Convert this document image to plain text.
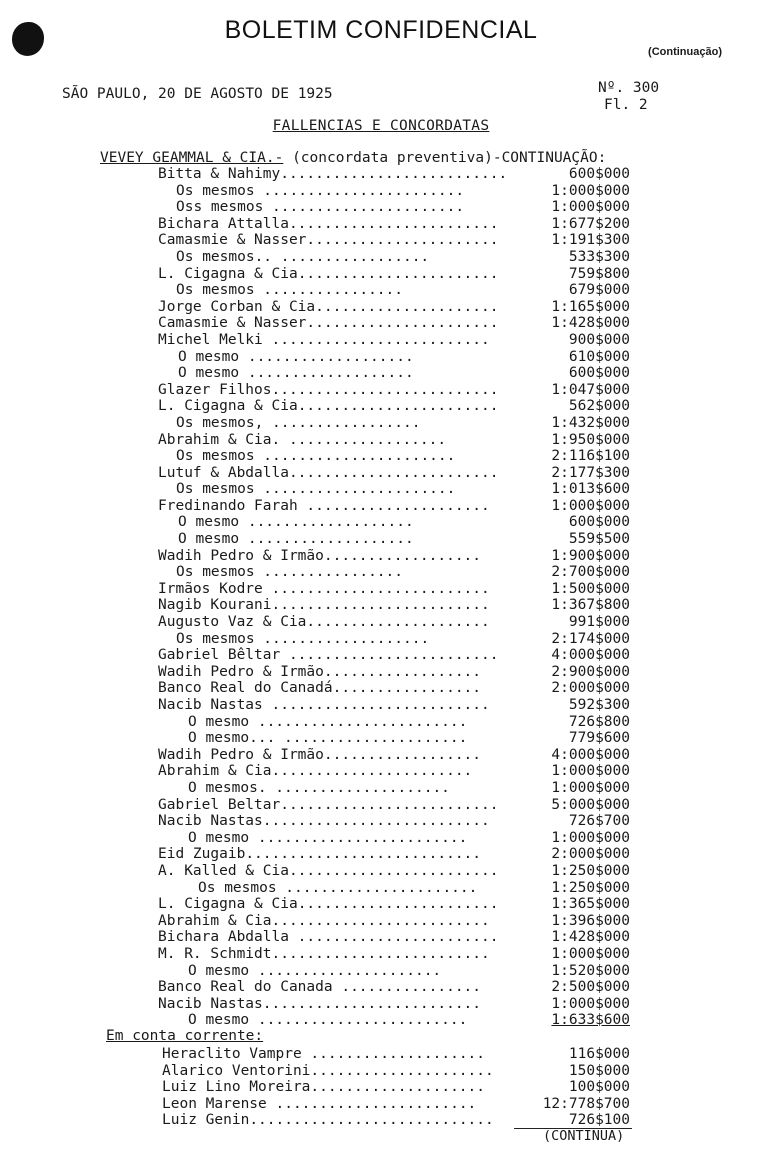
BOLETIM CONFIDENCIAL
(Continuação)
SÃO PAULO, 20 DE AGOSTO DE 1925	Nº. 300
Fl. 2
FALLENCIAS E CONCORDATAS
VEVEY GEAMMAL & CIA.- (concordata preventiva)-CONTINUAÇÃO:
Bitta & Nahimy..........................	600$000
Os mesmos .......................	1:000$000
Oss mesmos ......................	1:000$000
Bichara Attalla........................	1:677$200
Camasmie & Nasser......................	1:191$300
Os mesmos.. .................	533$300
L. Cigagna & Cia.......................	759$800
Os mesmos ................	679$000
Jorge Corban & Cia.....................	1:165$000
Camasmie & Nasser......................	1:428$000
Michel Melki .........................	900$000
O mesmo ...................	610$000
O mesmo ...................	600$000
Glazer Filhos..........................	1:047$000
L. Cigagna & Cia.......................	562$000
Os mesmos, .................	1:432$000
Abrahim & Cia. ..................	1:950$000
Os mesmos ......................	2:116$100
Lutuf & Abdalla........................	2:177$300
Os mesmos ......................	1:013$600
Fredinando Farah .....................	1:000$000
O mesmo ...................	600$000
O mesmo ...................	559$500
Wadih Pedro & Irmão..................	1:900$000
Os mesmos ................	2:700$000
Irmãos Kodre .........................	1:500$000
Nagib Kourani.........................	1:367$800
Augusto Vaz & Cia.....................	991$000
Os mesmos ...................	2:174$000
Gabriel Bêltar ........................	4:000$000
Wadih Pedro & Irmão..................	2:900$000
Banco Real do Canadá.................	2:000$000
Nacib Nastas .........................	592$300
O mesmo ........................	726$800
O mesmo... .....................	779$600
Wadih Pedro & Irmão..................	4:000$000
Abrahim & Cia.......................	1:000$000
O mesmos. ....................	1:000$000
Gabriel Beltar.........................	5:000$000
Nacib Nastas..........................	726$700
O mesmo ........................	1:000$000
Eid Zugaib...........................	2:000$000
A. Kalled & Cia........................	1:250$000
Os mesmos ......................	1:250$000
L. Cigagna & Cia.......................	1:365$000
Abrahim & Cia.........................	1:396$000
Bichara Abdalla .......................	1:428$000
M. R. Schmidt.........................	1:000$000
O mesmo .....................	1:520$000
Banco Real do Canada ................	2:500$000
Nacib Nastas.........................	1:000$000
O mesmo ........................	1:633$600
Em conta corrente:
Heraclito Vampre ....................	116$000
Alarico Ventorini.....................	150$000
Luiz Lino Moreira....................	100$000
Leon Marense .......................	12:778$700
Luiz Genin............................	726$100
(CONTINUA)
